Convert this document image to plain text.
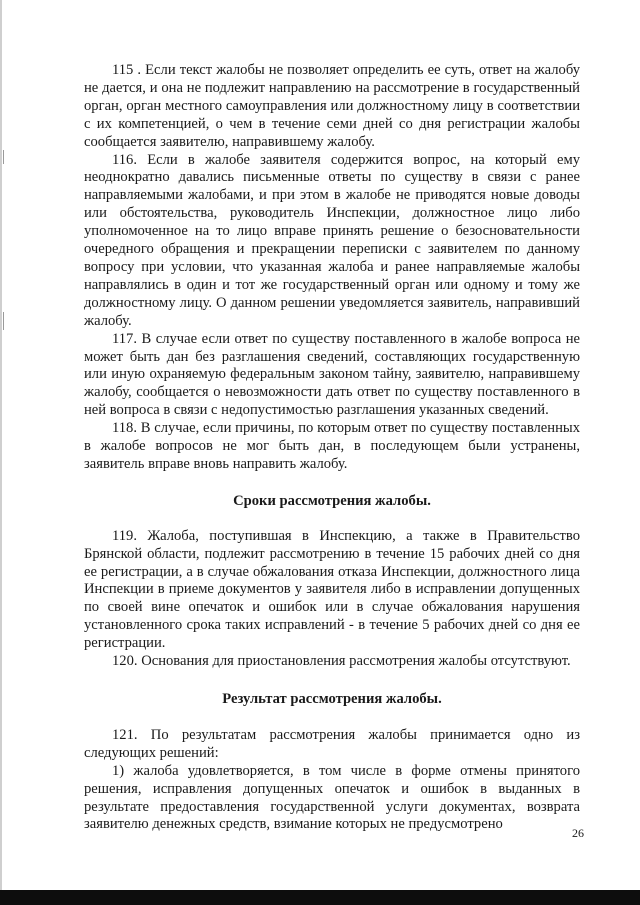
115 . Если текст жалобы не позволяет определить ее суть, ответ на жалобу не дается, и она не подлежит направлению на рассмотрение в государственный орган, орган местного самоуправления или должностному лицу в соответствии с их компетенцией, о чем в течение семи дней со дня регистрации жалобы сообщается заявителю, направившему жалобу.

116. Если в жалобе заявителя содержится вопрос, на который ему неоднократно давались письменные ответы по существу в связи с ранее направляемыми жалобами, и при этом в жалобе не приводятся новые доводы или обстоятельства, руководитель Инспекции, должностное лицо либо уполномоченное на то лицо вправе принять решение о безосновательности очередного обращения и прекращении переписки с заявителем по данному вопросу при условии, что указанная жалоба и ранее направляемые жалобы направлялись в один и тот же государственный орган или одному и тому же должностному лицу. О данном решении уведомляется заявитель, направивший жалобу.

117. В случае если ответ по существу поставленного в жалобе вопроса не может быть дан без разглашения сведений, составляющих государственную или иную охраняемую федеральным законом тайну, заявителю, направившему жалобу, сообщается о невозможности дать ответ по существу поставленного в ней вопроса в связи с недопустимостью разглашения указанных сведений.

118. В случае, если причины, по которым ответ по существу поставленных в жалобе вопросов не мог быть дан, в последующем были устранены, заявитель вправе вновь направить жалобу.

Сроки рассмотрения жалобы.

119. Жалоба, поступившая в Инспекцию, а также в Правительство Брянской области, подлежит рассмотрению в течение 15 рабочих дней со дня ее регистрации, а в случае обжалования отказа Инспекции, должностного лица Инспекции в приеме документов у заявителя либо в исправлении допущенных по своей вине опечаток и ошибок или в случае обжалования нарушения установленного срока таких исправлений - в течение 5 рабочих дней со дня ее регистрации.

120. Основания для приостановления рассмотрения жалобы отсутствуют.

Результат рассмотрения жалобы.

121. По результатам рассмотрения жалобы принимается одно из следующих решений:

1) жалоба удовлетворяется, в том числе в форме отмены принятого решения, исправления допущенных опечаток и ошибок в выданных в результате предоставления государственной услуги документах, возврата заявителю денежных средств, взимание которых не предусмотрено

26
